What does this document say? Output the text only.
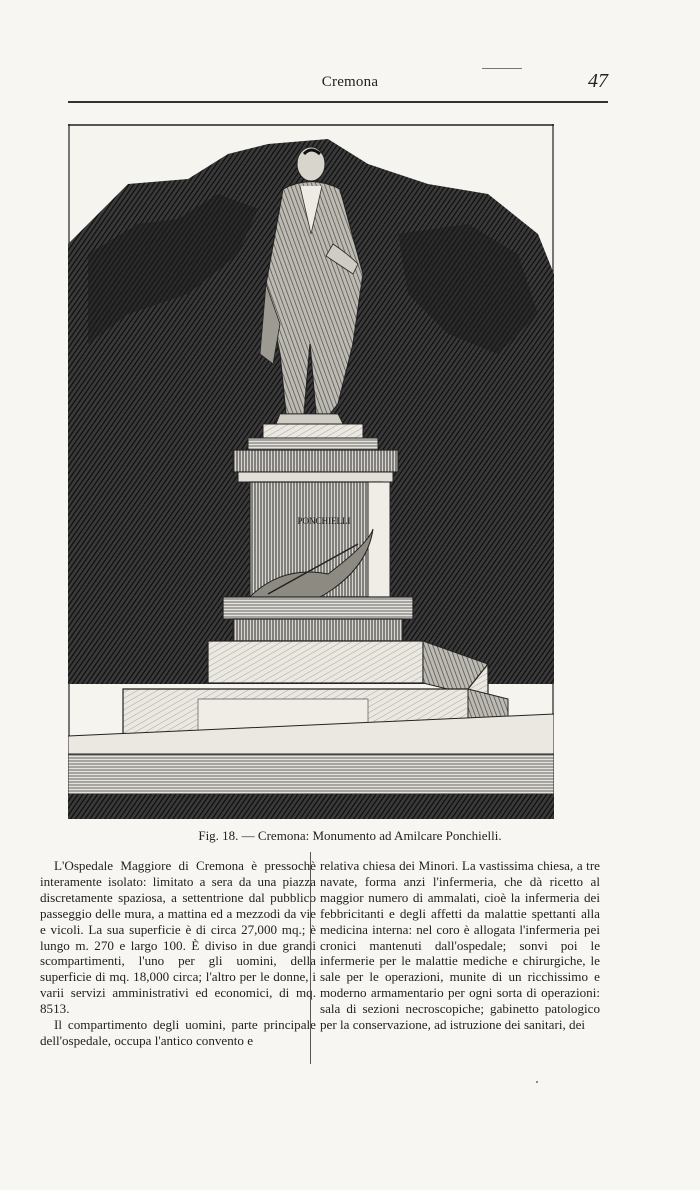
Cremona	47
PONCHIELLI
Fig. 18. — Cremona: Monumento ad Amilcare Ponchielli.

L'Ospedale Maggiore di Cremona è pressochè interamente isolato: limitato a sera da una piazza discretamente spaziosa, a settentrione dal pubblico passeggio delle mura, a mattina ed a mezzodi da vie e vicoli. La sua superficie è di circa 27,000 mq.; è lungo m. 270 e largo 100. È diviso in due grandi scompartimenti, l'uno per gli uomini, della superficie di mq. 18,000 circa; l'altro per le donne, i varii servizi amministrativi ed economici, di mq. 8513.

Il compartimento degli uomini, parte principale dell'ospedale, occupa l'antico convento e

relativa chiesa dei Minori. La vastissima chiesa, a tre navate, forma anzi l'infermeria, che dà ricetto al maggior numero di ammalati, cioè la infermeria dei febbricitanti e degli affetti da malattie spettanti alla medicina interna: nel coro è allogata l'infermeria pei cronici mantenuti dall'ospedale; sonvi poi le infermerie per le malattie mediche e chirurgiche, le sale per le operazioni, munite di un ricchissimo e moderno armamentario per ogni sorta di operazioni: sala di sezioni necroscopiche; gabinetto patologico per la conservazione, ad istruzione dei sanitari, dei
